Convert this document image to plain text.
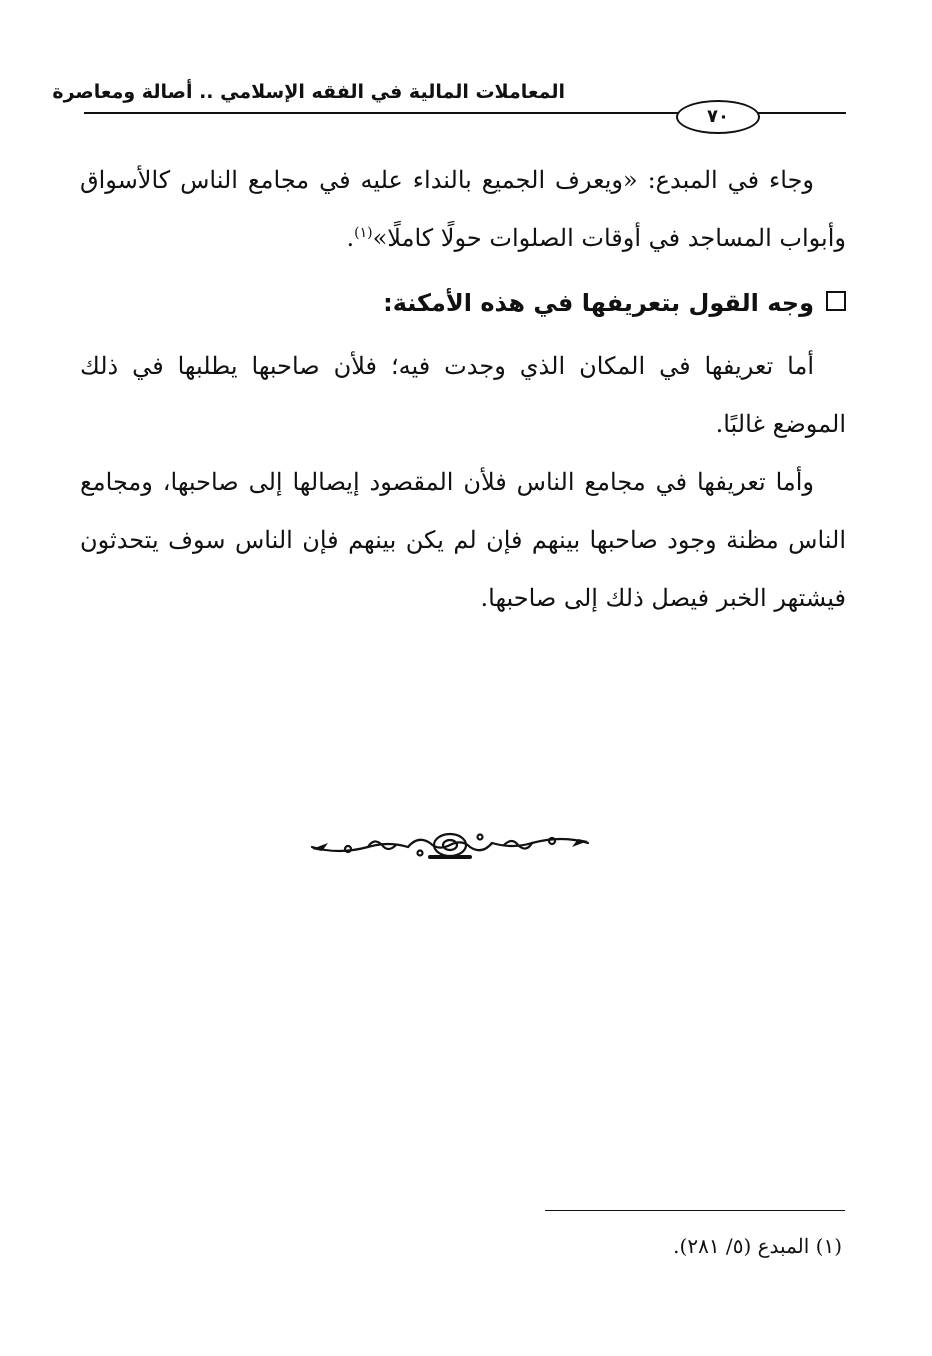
المعاملات المالية في الفقه الإسلامي .. أصالة ومعاصرة
٧٠

وجاء في المبدع: «ويعرف الجميع بالنداء عليه في مجامع الناس كالأسواق وأبواب المساجد في أوقات الصلوات حولًا كاملًا»$^{(١)}$.

وجه القول بتعريفها في هذه الأمكنة:

أما تعريفها في المكان الذي وجدت فيه؛ فلأن صاحبها يطلبها في ذلك الموضع غالبًا.

وأما تعريفها في مجامع الناس فلأن المقصود إيصالها إلى صاحبها، ومجامع الناس مظنة وجود صاحبها بينهم فإن لم يكن بينهم فإن الناس سوف يتحدثون فيشتهر الخبر فيصل ذلك إلى صاحبها.

(١) المبدع (٥/ ٢٨١).
